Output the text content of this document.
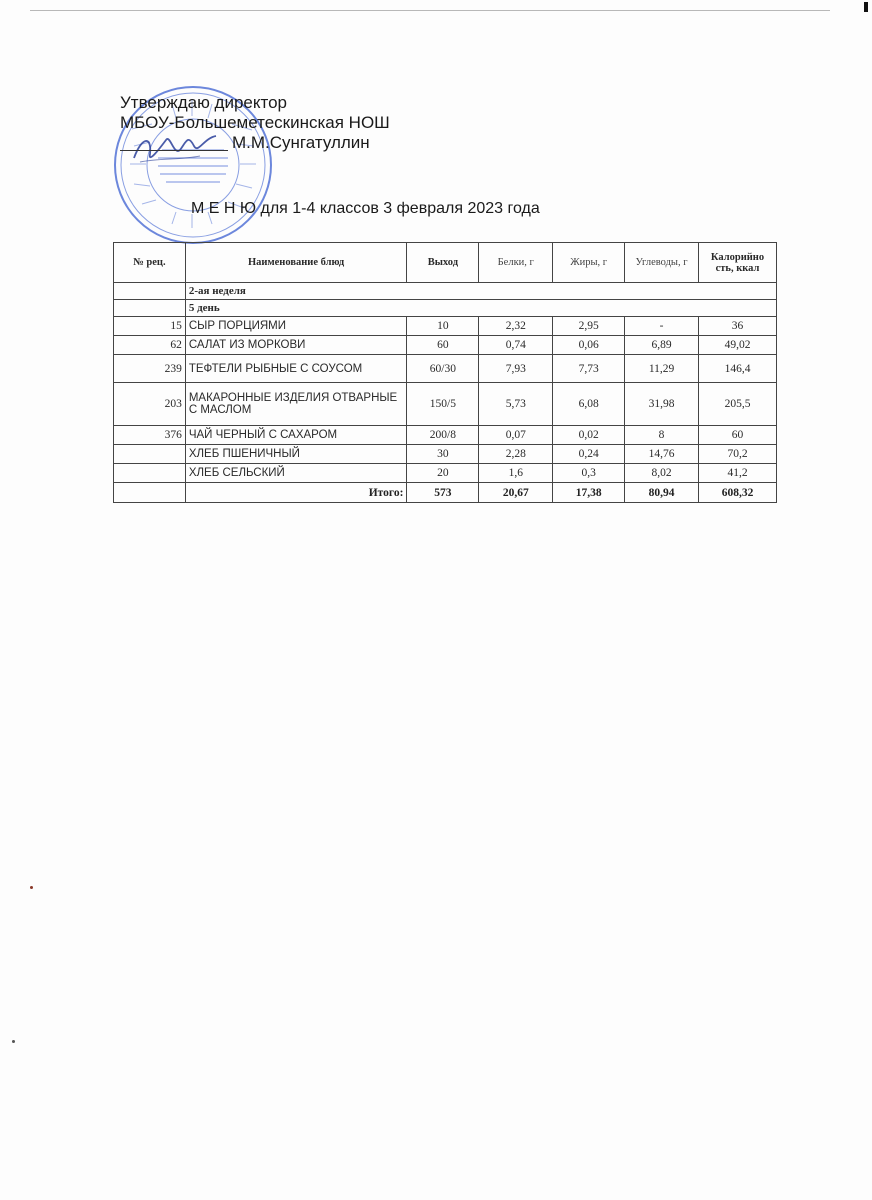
Утверждаю директор
МБОУ-Большеметескинская НОШ
М.М.Сунгатуллин
М Е Н Ю для 1-4 классов 3 февраля 2023 года
№ рец.	Наименование блюд	Выход	Белки, г	Жиры, г	Углеводы, г	Калорийно сть, ккал
	2-ая неделя					
	5 день					
15	СЫР ПОРЦИЯМИ	10	2,32	2,95	-	36
62	САЛАТ ИЗ МОРКОВИ	60	0,74	0,06	6,89	49,02
239	ТЕФТЕЛИ РЫБНЫЕ С СОУСОМ	60/30	7,93	7,73	11,29	146,4
203	МАКАРОННЫЕ ИЗДЕЛИЯ ОТВАРНЫЕ С МАСЛОМ	150/5	5,73	6,08	31,98	205,5
376	ЧАЙ ЧЕРНЫЙ С САХАРОМ	200/8	0,07	0,02	8	60
	ХЛЕБ ПШЕНИЧНЫЙ	30	2,28	0,24	14,76	70,2
	ХЛЕБ СЕЛЬСКИЙ	20	1,6	0,3	8,02	41,2
	Итого:	573	20,67	17,38	80,94	608,32
